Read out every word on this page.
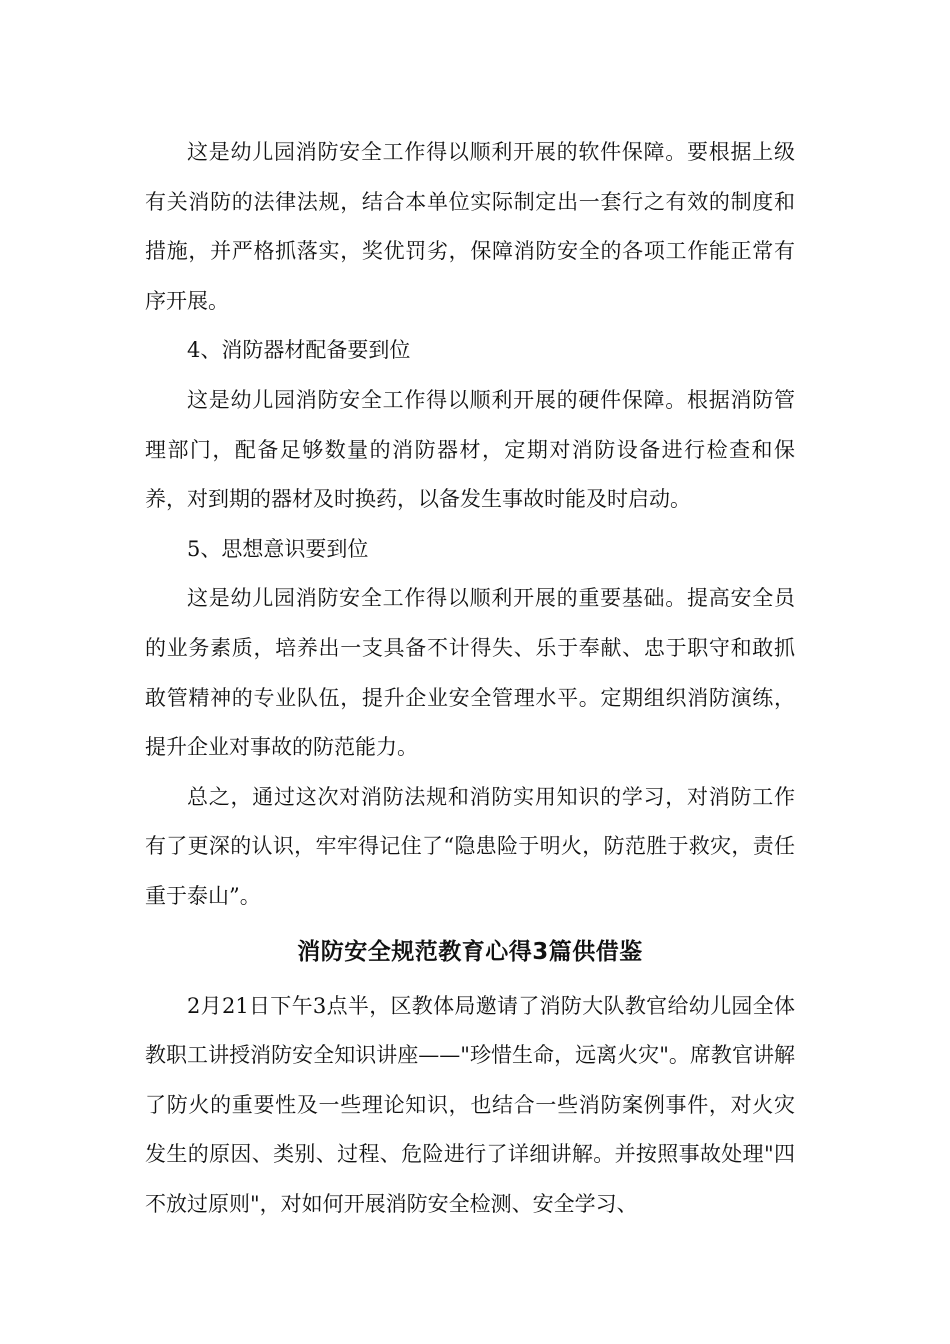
这是幼儿园消防安全工作得以顺利开展的软件保障。要根据上级有关消防的法律法规，结合本单位实际制定出一套行之有效的制度和措施，并严格抓落实，奖优罚劣，保障消防安全的各项工作能正常有序开展。

4、消防器材配备要到位

这是幼儿园消防安全工作得以顺利开展的硬件保障。根据消防管理部门，配备足够数量的消防器材，定期对消防设备进行检查和保养，对到期的器材及时换药，以备发生事故时能及时启动。

5、思想意识要到位

这是幼儿园消防安全工作得以顺利开展的重要基础。提高安全员的业务素质，培养出一支具备不计得失、乐于奉献、忠于职守和敢抓敢管精神的专业队伍，提升企业安全管理水平。定期组织消防演练，提升企业对事故的防范能力。

总之，通过这次对消防法规和消防实用知识的学习，对消防工作有了更深的认识，牢牢得记住了“隐患险于明火，防范胜于救灾，责任重于泰山”。

消防安全规范教育心得3篇供借鉴

2月21日下午3点半，区教体局邀请了消防大队教官给幼儿园全体教职工讲授消防安全知识讲座——"珍惜生命，远离火灾"。席教官讲解了防火的重要性及一些理论知识，也结合一些消防案例事件，对火灾发生的原因、类别、过程、危险进行了详细讲解。并按照事故处理"四不放过原则"，对如何开展消防安全检测、安全学习、
